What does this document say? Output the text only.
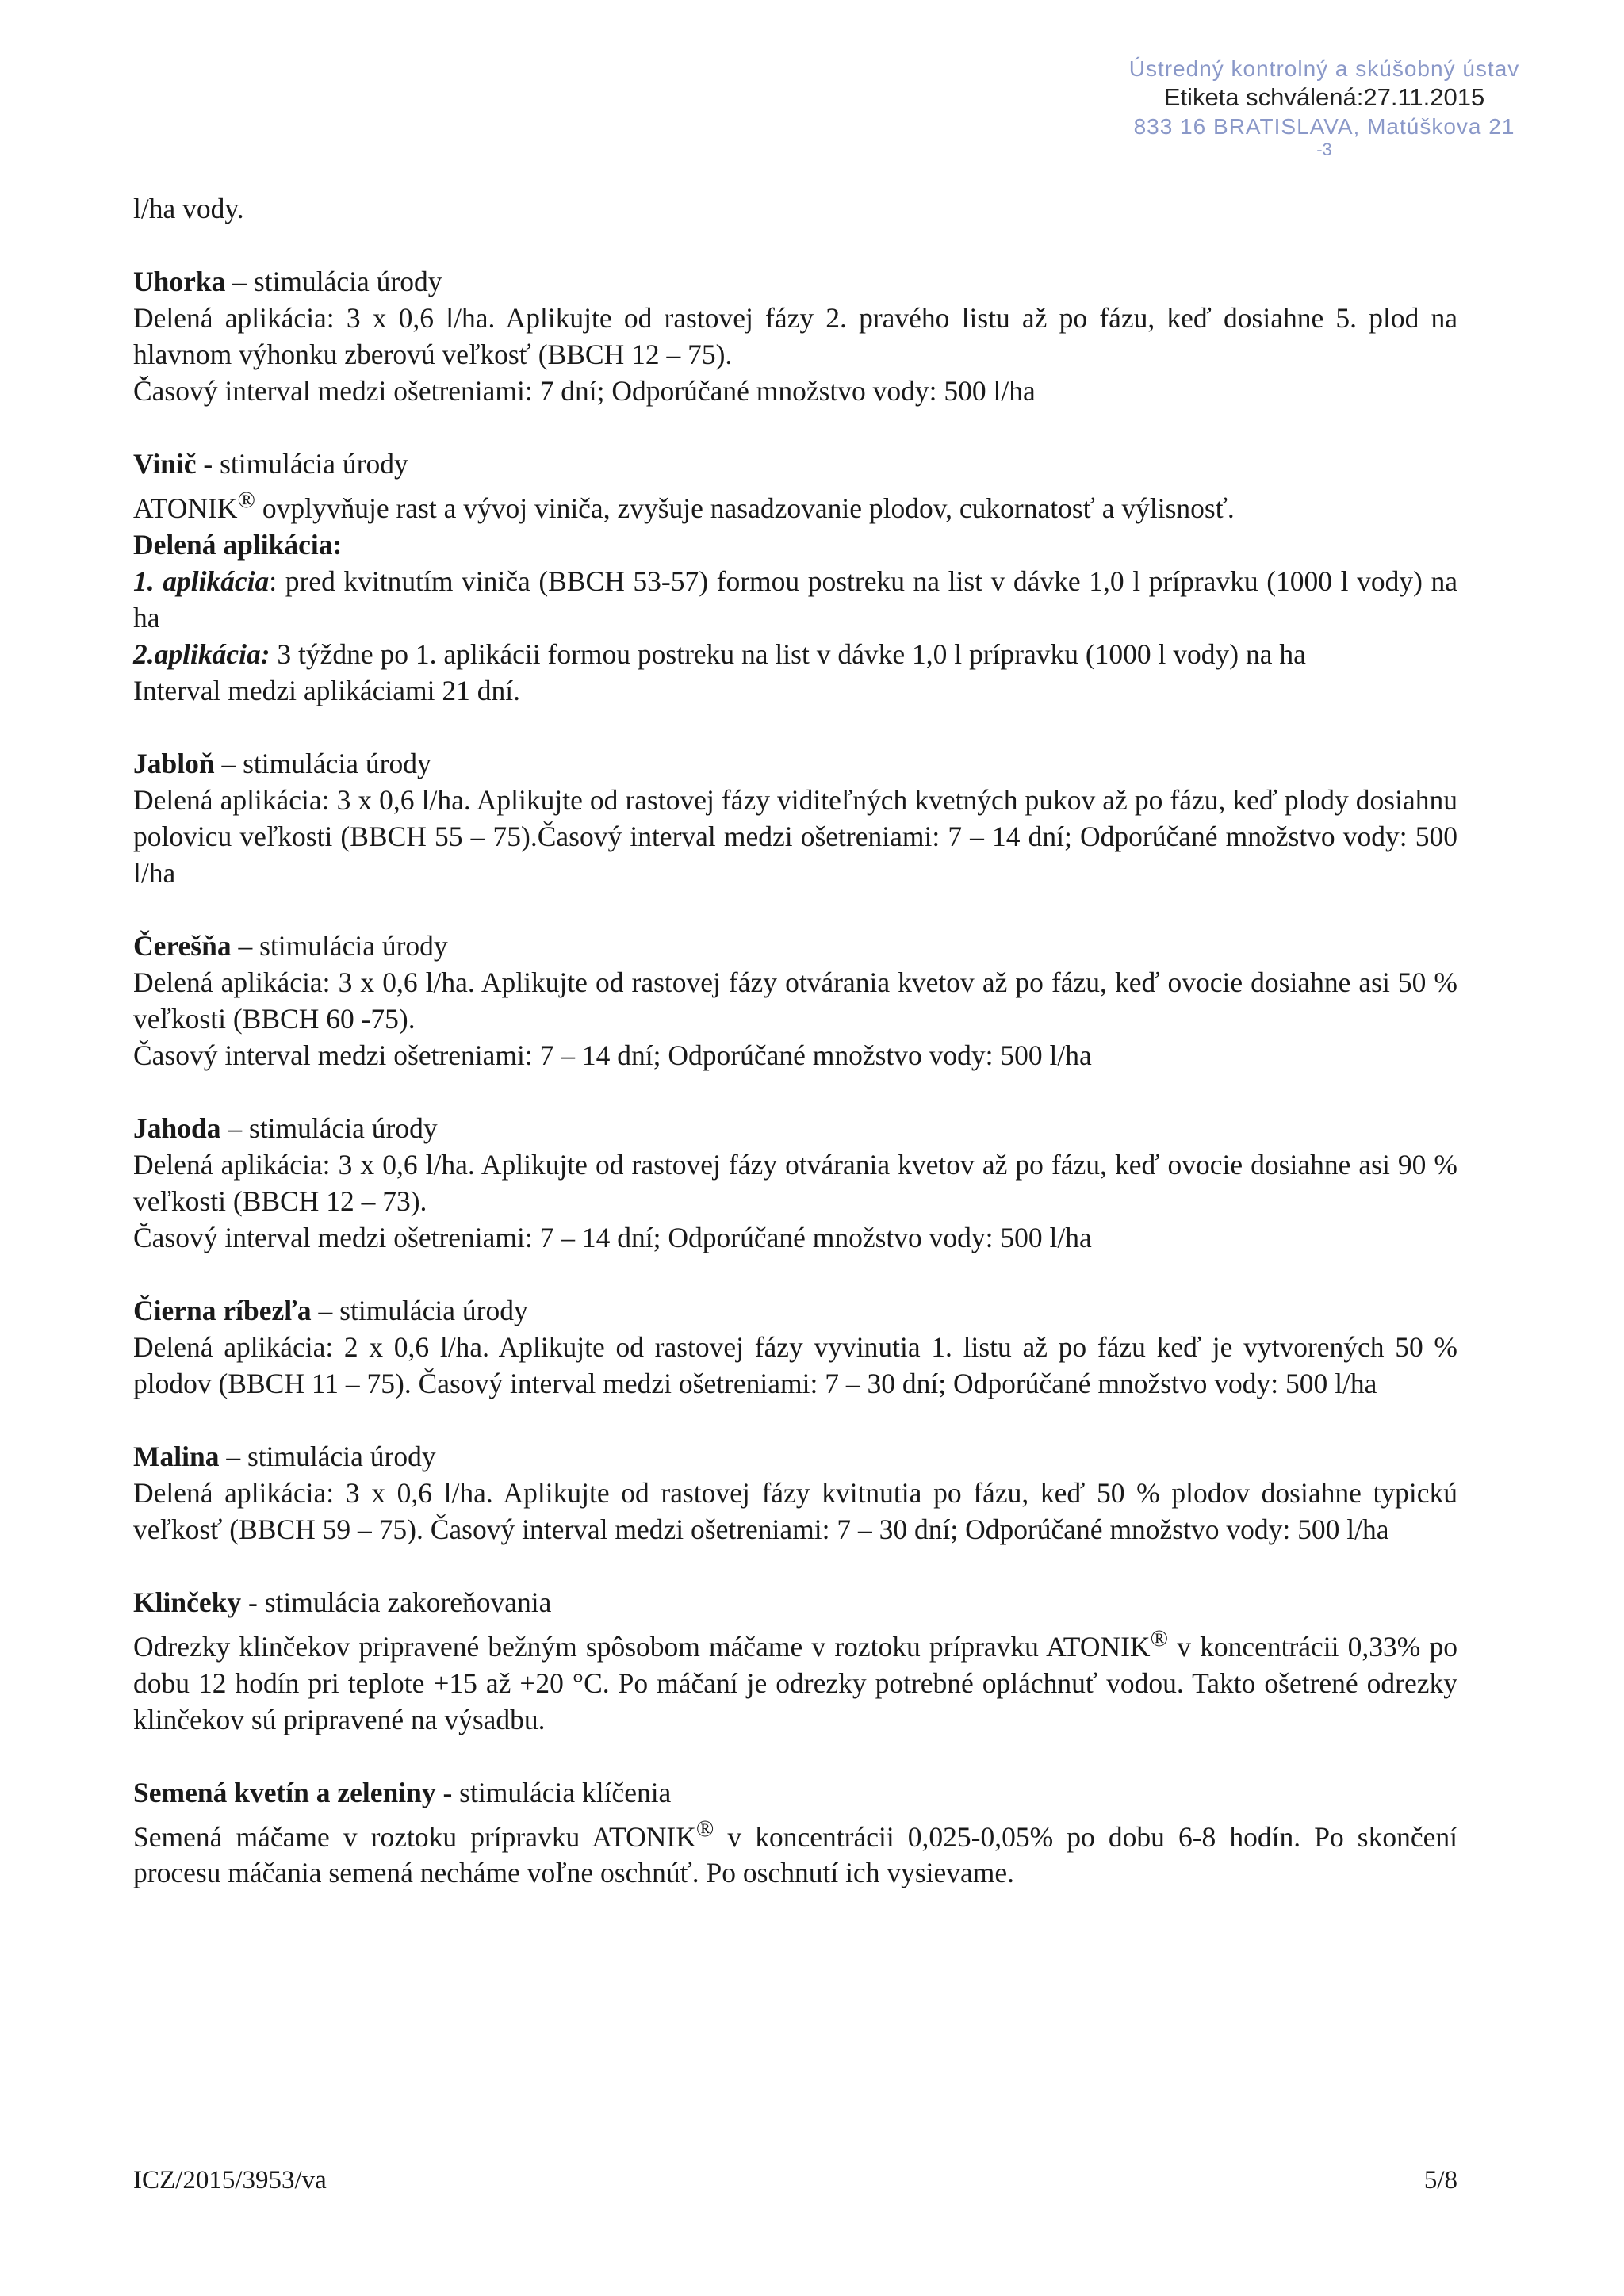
Ústredný kontrolný a skúšobný ústav
Etiketa schválená:27.11.2015
833 16 BRATISLAVA, Matúškova 21
-3

l/ha vody.

Uhorka – stimulácia úrody

Delená aplikácia: 3 x 0,6 l/ha. Aplikujte od rastovej fázy 2. pravého listu až po fázu, keď dosiahne 5. plod na hlavnom výhonku zberovú veľkosť (BBCH 12 – 75).

Časový interval medzi ošetreniami: 7 dní; Odporúčané množstvo vody: 500 l/ha

Vinič - stimulácia úrody

ATONIK® ovplyvňuje rast a vývoj viniča, zvyšuje nasadzovanie plodov, cukornatosť a výlisnosť.

Delená aplikácia:

1. aplikácia: pred kvitnutím viniča (BBCH 53-57) formou postreku na list v dávke 1,0 l prípravku (1000 l vody) na ha

2.aplikácia: 3 týždne po 1. aplikácii formou postreku na list v dávke 1,0 l prípravku (1000 l vody) na ha

Interval medzi aplikáciami 21 dní.

Jabloň – stimulácia úrody

Delená aplikácia: 3 x 0,6 l/ha. Aplikujte od rastovej fázy viditeľných kvetných pukov až po fázu, keď plody dosiahnu polovicu veľkosti (BBCH 55 – 75).Časový interval medzi ošetreniami: 7 – 14 dní; Odporúčané množstvo vody: 500 l/ha

Čerešňa – stimulácia úrody

Delená aplikácia: 3 x 0,6 l/ha. Aplikujte od rastovej fázy otvárania kvetov až po fázu, keď ovocie dosiahne asi 50 % veľkosti (BBCH 60 -75).

Časový interval medzi ošetreniami: 7 – 14 dní; Odporúčané množstvo vody: 500 l/ha

Jahoda – stimulácia úrody

Delená aplikácia: 3 x 0,6 l/ha. Aplikujte od rastovej fázy otvárania kvetov až po fázu, keď ovocie dosiahne asi 90 % veľkosti (BBCH 12 – 73).

Časový interval medzi ošetreniami: 7 – 14 dní; Odporúčané množstvo vody: 500 l/ha

Čierna ríbezľa – stimulácia úrody

Delená aplikácia: 2 x 0,6 l/ha. Aplikujte od rastovej fázy vyvinutia 1. listu až po fázu keď je vytvorených 50 % plodov (BBCH 11 – 75). Časový interval medzi ošetreniami: 7 – 30 dní; Odporúčané množstvo vody: 500 l/ha

Malina – stimulácia úrody

Delená aplikácia: 3 x 0,6 l/ha. Aplikujte od rastovej fázy kvitnutia po fázu, keď 50 % plodov dosiahne typickú veľkosť (BBCH 59 – 75). Časový interval medzi ošetreniami: 7 – 30 dní; Odporúčané množstvo vody: 500 l/ha

Klinčeky - stimulácia zakoreňovania

Odrezky klinčekov pripravené bežným spôsobom máčame v roztoku prípravku ATONIK® v koncentrácii 0,33% po dobu 12 hodín pri teplote +15 až +20 °C. Po máčaní je odrezky potrebné opláchnuť vodou. Takto ošetrené odrezky klinčekov sú pripravené na výsadbu.

Semená kvetín a zeleniny - stimulácia klíčenia

Semená máčame v roztoku prípravku ATONIK® v koncentrácii 0,025-0,05% po dobu 6-8 hodín. Po skončení procesu máčania semená necháme voľne oschnúť. Po oschnutí ich vysievame.

ICZ/2015/3953/va	5/8
